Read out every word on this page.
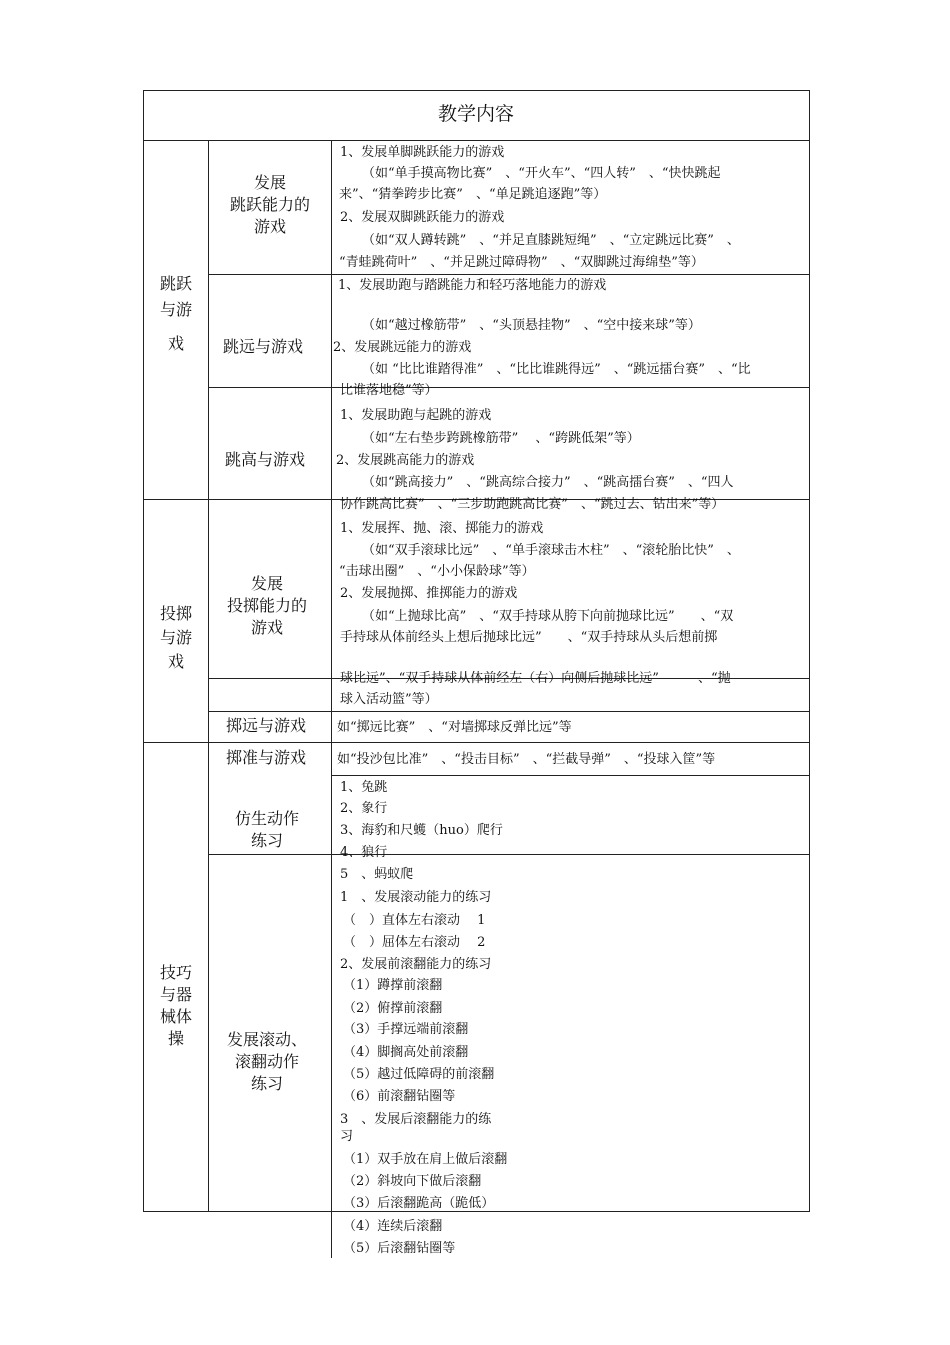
教学内容
跳跃
与游
戏
投掷
与游
戏
技巧
与器
械体
操
发展
跳跃能力的
游戏
跳远与游戏
跳高与游戏
发展
投掷能力的
游戏
掷远与游戏
掷准与游戏
仿生动作
练习
发展滚动、
滚翻动作
练习
1、发展单脚跳跃能力的游戏
（如“单手摸高物比赛”　、“开火车”、“四人转”　、“快快跳起
来”、“猜拳跨步比赛”　、“单足跳追逐跑”等）
2、发展双脚跳跃能力的游戏
（如“双人蹲转跳”　、“并足直膝跳短绳”　、“立定跳远比赛”　、
“青蛙跳荷叶”　、“并足跳过障碍物”　、“双脚跳过海绵垫”等）
1、发展助跑与踏跳能力和轻巧落地能力的游戏
（如“越过橡筋带”　、“头顶悬挂物”　、“空中接来球”等）
2、发展跳远能力的游戏
（如 “比比谁踏得准”　、“比比谁跳得远”　、“跳远擂台赛”　、“比
比谁落地稳”等）
1、发展助跑与起跳的游戏
（如“左右垫步跨跳橡筋带”　 、“跨跳低架”等）
2、发展跳高能力的游戏
（如“跳高接力”　、“跳高综合接力”　、“跳高擂台赛”　、“四人
协作跳高比赛”　、“三步助跑跳高比赛”　、“跳过去、钻出来”等）
1、发展挥、抛、滚、掷能力的游戏
（如“双手滚球比远”　、“单手滚球击木柱”　、“滚轮胎比快”　、
“击球出圈”　、“小小保龄球”等）
2、发展抛掷、推掷能力的游戏
（如“上抛球比高”　、“双手持球从胯下向前抛球比远”　　、“双
手持球从体前经头上想后抛球比远”　　、“双手持球从头后想前掷
球比远”、“双手持球从体前经左（右）向侧后抛球比远”　　　、“抛
球入活动篮”等）
如“掷远比赛”　、“对墙掷球反弹比远”等
如“投沙包比准”　、“投击目标”　、“拦截导弹”　、“投球入筐”等
1、兔跳
2、象行
3、海豹和尺蠖（huo）爬行
4、狼行
5　、蚂蚁爬
1　、发展滚动能力的练习
（　）直体左右滚动　 1
（　）屈体左右滚动　 2
2、发展前滚翻能力的练习
（1）蹲撑前滚翻
（2）俯撑前滚翻
（3）手撑远端前滚翻
（4）脚搁高处前滚翻
（5）越过低障碍的前滚翻
（6）前滚翻钻圈等
3　、发展后滚翻能力的练
习
（1）双手放在肩上做后滚翻
（2）斜坡向下做后滚翻
（3）后滚翻跪高（跪低）
（4）连续后滚翻
（5）后滚翻钻圈等
